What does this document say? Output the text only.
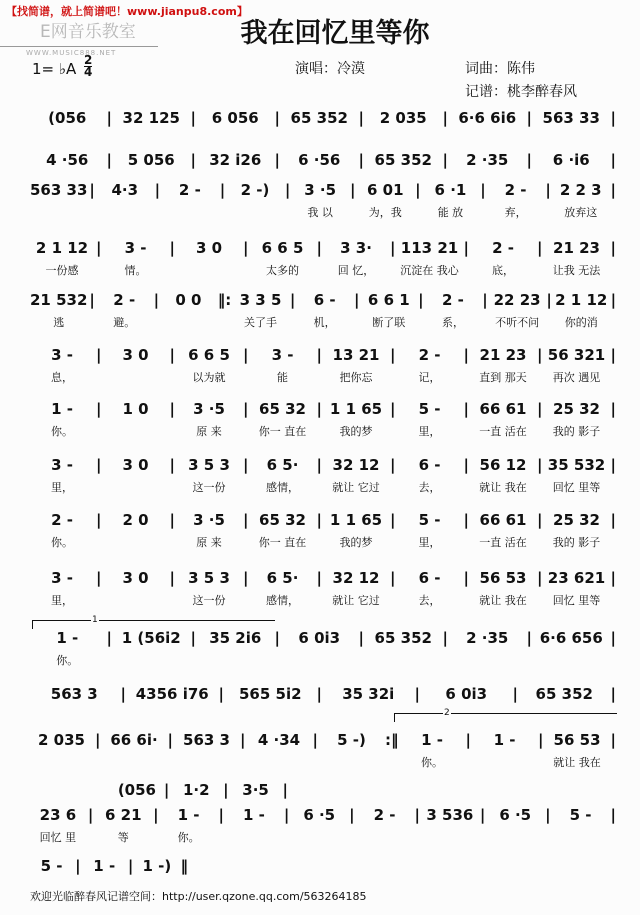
【找简谱，就上简谱吧！www.jianpu8.com】
E网音乐教室
WWW.MUSIC888.NET
我在回忆里等你
1= ♭A $\frac{2}{4}$	演唱：冷漠	词曲：陈伟
记谱：桃李醉春风
1
2
(056	| 32 125 |	6 056	| 65 352 |	2 035	| 6·6 6i6 | 563 33 |
4 ·56	|	5 056	| 32 i26 |	6 ·56	| 65 352 |	2 ·35	|	6 ·i6	|
563 33 |	4·3	|	2 -	|	2 -)	| 3 ·5
我 以
| 6 01
为，我
| 6 ·1
能 放
|	2 -
弃，
| 2 2 3
放弃这
|
2 1 12
一份感
|	3 -
情。
|	3 0	| 6 6 5
太多的
|	3 3·
回 忆，
| 113 21
沉淀在 我心
|	2 -
底，
| 21 23
让我 无法
|
21 532
逃
|	2 -
避。
|	0 0	‖: 3 3 5
关了手
|	6 -
机，
| 6 6 1
断了联
|	2 -
系，
| 22 23
不听不问
| 2 1 12
你的消
|
3 -
息，
|	3 0	| 6 6 5
以为就
|	3 -
能
| 13 21
把你忘
|	2 -
记，
| 21 23
直到 那天
| 56 321
再次 遇见
|
1 -
你。
|	1 0	|	3 ·5
原 来
| 65 32
你一 直在
| 1 1 65
我的梦
|	5 -
里，
| 66 61
一直 活在
| 25 32
我的 影子
|
3 -
里，
|	3 0	| 3 5 3
这一份
|	6 5·
感情，
| 32 12
就让 它过
|	6 -
去，
| 56 12
就让 我在
| 35 532
回忆 里等
|
2 -
你。
|	2 0	|	3 ·5
原 来
| 65 32
你一 直在
| 1 1 65
我的梦
|	5 -
里，
| 66 61
一直 活在
| 25 32
我的 影子
|
3 -
里，
|	3 0	| 3 5 3
这一份
|	6 5·
感情，
| 32 12
就让 它过
|	6 -
去，
| 56 53
就让 我在
| 23 621
回忆 里等
|
1 -
你。
| 1 (56i2 | 35 2i6 |	6 0i3	| 65 352 |	2 ·35	| 6·6 656 |
563 3	| 4356 i76 | 565 5i2 |	35 32i	|	6 0i3	|	65 352	|
2 035 | 66 6i· | 563 3 | 4 ·34 |	5 -)	:‖	1 -
你。
|	1 -	| 56 53
就让 我在
|
(056 | 1·2 | 3·5 |
23 6
回忆 里
| 6 21
等
|	1 -
你。
|	1 -	| 6 ·5 |	2 -	| 3 536 | 6 ·5 |	5 -	|
5 - | 1 - | 1 -) ‖
欢迎光临醉春风记谱空间：http://user.qzone.qq.com/563264185
